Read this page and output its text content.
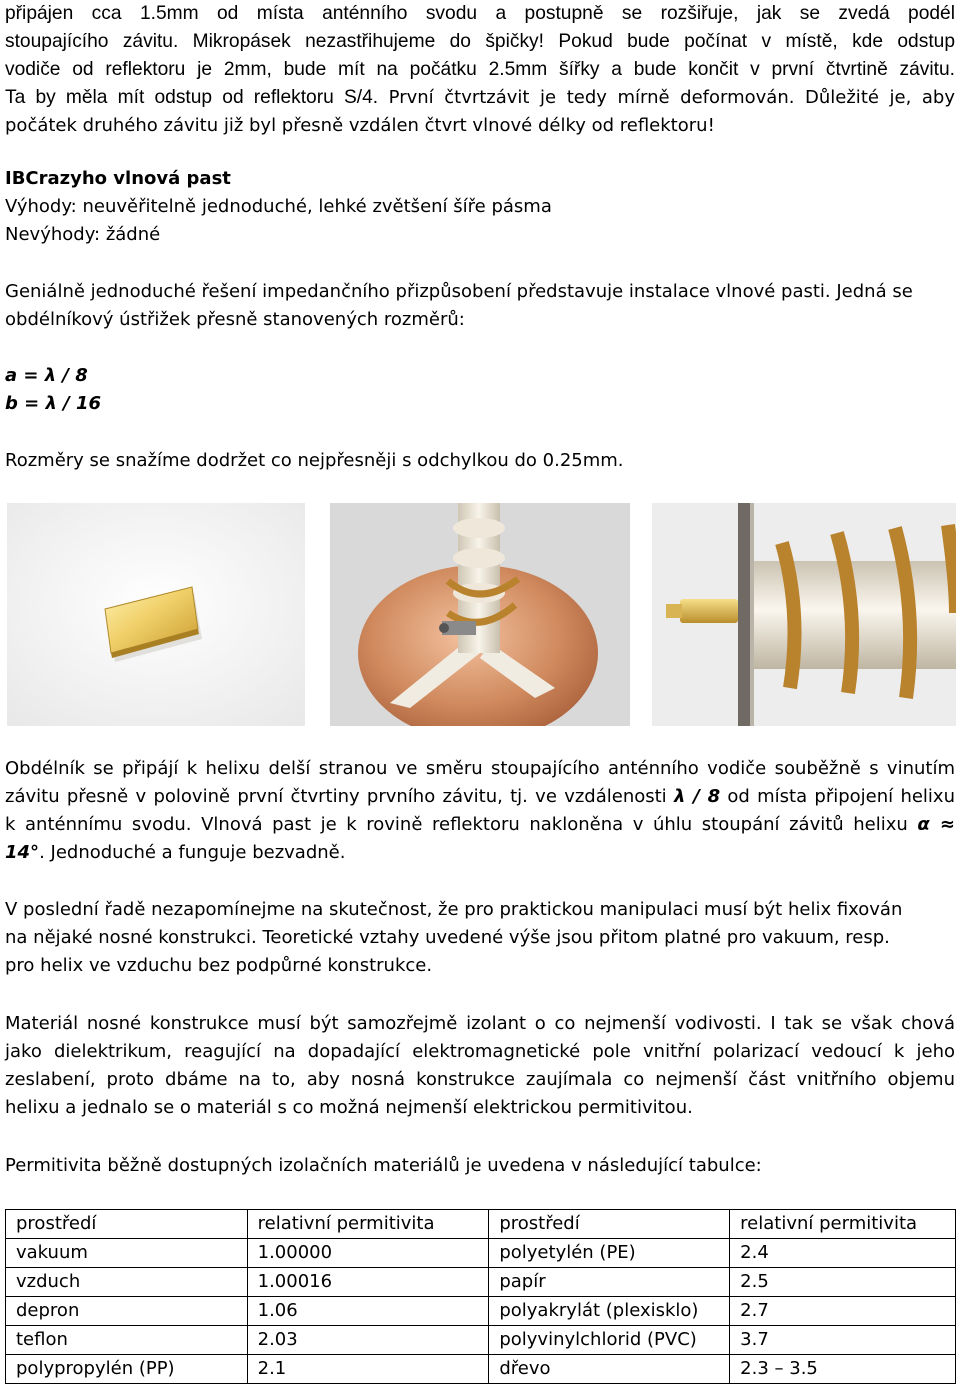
připájen cca 1.5mm od místa anténního svodu a postupně se rozšiřuje, jak se zvedá podél
stoupajícího závitu. Mikropásek nezastřihujeme do špičky! Pokud bude počínat v místě, kde odstup
vodiče od reflektoru je 2mm, bude mít na počátku 2.5mm šířky a bude končit v první čtvrtině závitu.
Ta by měla mít odstup od reflektoru S/4. První čtvrtzávit je tedy mírně deformován. Důležité je, aby
počátek druhého závitu již byl přesně vzdálen čtvrt vlnové délky od reflektoru!
IBCrazyho vlnová past
Výhody: neuvěřitelně jednoduché, lehké zvětšení šíře pásma
Nevýhody: žádné
Geniálně jednoduché řešení impedančního přizpůsobení představuje instalace vlnové pasti. Jedná se
obdélníkový ústřižek přesně stanovených rozměrů:
a = λ / 8
b = λ / 16
Rozměry se snažíme dodržet co nejpřesněji s odchylkou do 0.25mm.
Obdélník se připájí k helixu delší stranou ve směru stoupajícího anténního vodiče souběžně s vinutím
závitu přesně v polovině první čtvrtiny prvního závitu, tj. ve vzdálenosti λ / 8 od místa připojení helixu
k anténnímu svodu. Vlnová past je k rovině reflektoru nakloněna v úhlu stoupání závitů helixu α ≈
14°. Jednoduché a funguje bezvadně.
V poslední řadě nezapomínejme na skutečnost, že pro praktickou manipulaci musí být helix fixován
na nějaké nosné konstrukci. Teoretické vztahy uvedené výše jsou přitom platné pro vakuum, resp.
pro helix ve vzduchu bez podpůrné konstrukce.
Materiál nosné konstrukce musí být samozřejmě izolant o co nejmenší vodivosti. I tak se však chová
jako dielektrikum, reagující na dopadající elektromagnetické pole vnitřní polarizací vedoucí k jeho
zeslabení, proto dbáme na to, aby nosná konstrukce zaujímala co nejmenší část vnitřního objemu
helixu a jednalo se o materiál s co možná nejmenší elektrickou permitivitou.
Permitivita běžně dostupných izolačních materiálů je uvedena v následující tabulce:
prostředí	relativní permitivita	prostředí	relativní permitivita
vakuum	1.00000	polyetylén (PE)	2.4
vzduch	1.00016	papír	2.5
depron	1.06	polyakrylát (plexisklo)	2.7
teflon	2.03	polyvinylchlorid (PVC)	3.7
polypropylén (PP)	2.1	dřevo	2.3 – 3.5
